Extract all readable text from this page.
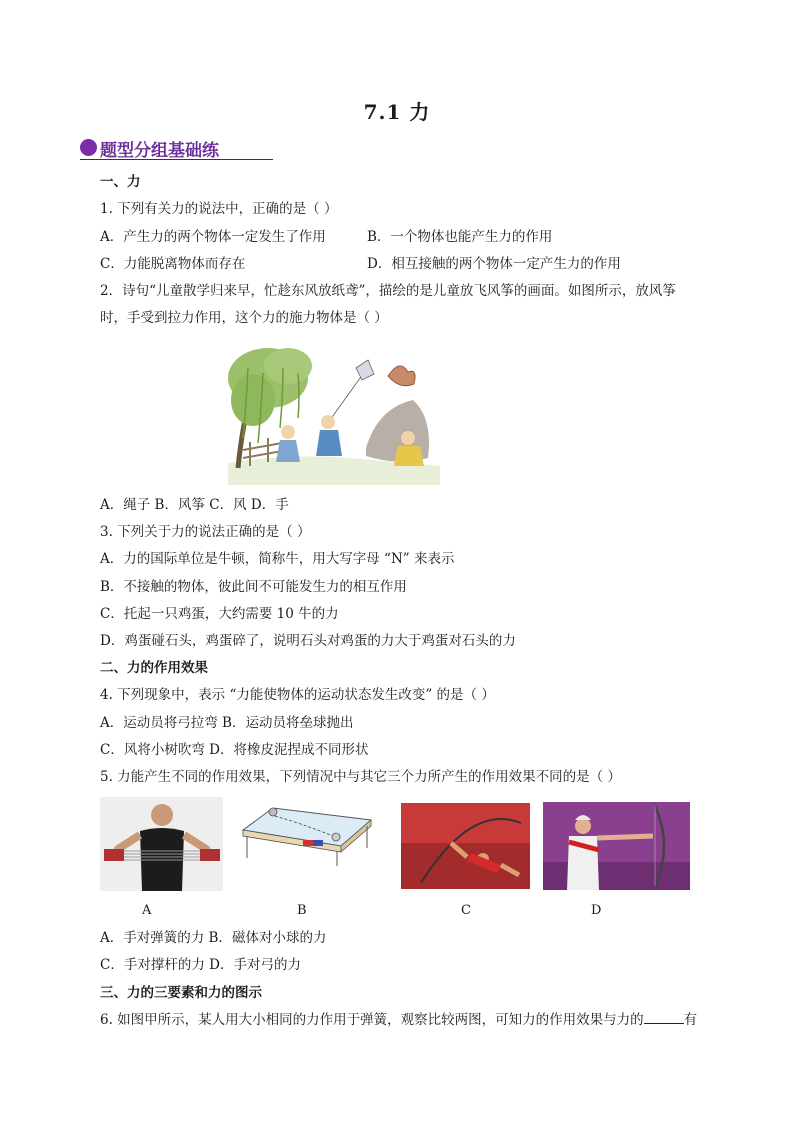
7.1 力
题型分组基础练
一、力
1. 下列有关力的说法中，正确的是（ ）
A．产生力的两个物体一定发生了作用	B．一个物体也能产生力的作用
C．力能脱离物体而存在	D．相互接触的两个物体一定产生力的作用
2．诗句“儿童散学归来早，忙趁东风放纸鸢”，描绘的是儿童放飞风筝的画面。如图所示，放风筝
时，手受到拉力作用，这个力的施力物体是（ ）
A．绳子 B．风筝 C．风 D．手
3. 下列关于力的说法正确的是（ ）
A．力的国际单位是牛顿，简称牛，用大写字母 “N” 来表示
B．不接触的物体，彼此间不可能发生力的相互作用
C．托起一只鸡蛋，大约需要 10 牛的力
D．鸡蛋碰石头，鸡蛋碎了，说明石头对鸡蛋的力大于鸡蛋对石头的力
二、力的作用效果
4. 下列现象中，表示 “力能使物体的运动状态发生改变” 的是（ ）
A．运动员将弓拉弯 B．运动员将垒球抛出
C．风将小树吹弯 D．将橡皮泥捏成不同形状
5. 力能产生不同的作用效果，下列情况中与其它三个力所产生的作用效果不同的是（ ）
A	B	C	D
A．手对弹簧的力 B．磁体对小球的力
C．手对撑杆的力 D．手对弓的力
三、力的三要素和力的图示
6. 如图甲所示，某人用大小相同的力作用于弹簧，观察比较两图，可知力的作用效果与力的	有
